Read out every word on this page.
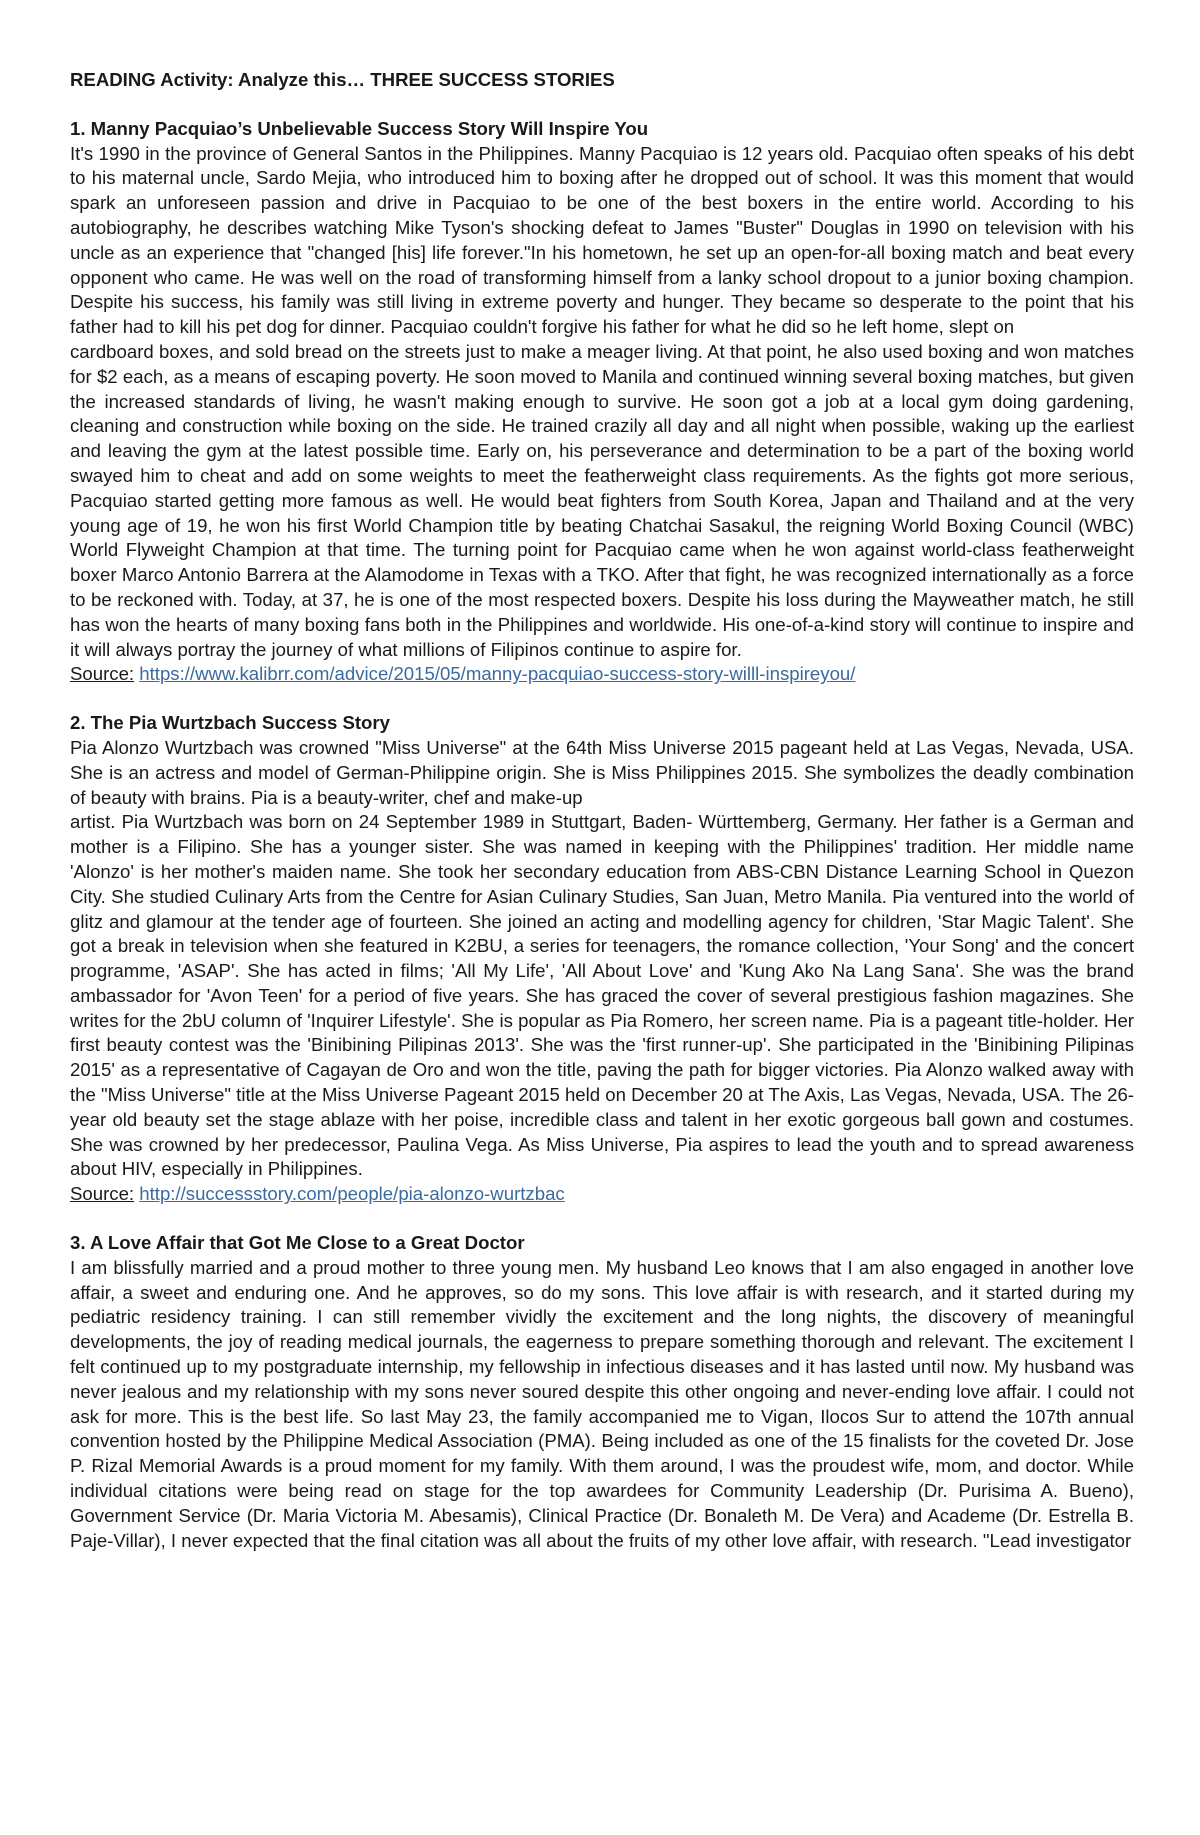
READING Activity: Analyze this… THREE SUCCESS STORIES
1. Manny Pacquiao’s Unbelievable Success Story Will Inspire You

It's 1990 in the province of General Santos in the Philippines. Manny Pacquiao is 12 years old. Pacquiao often speaks of his debt to his maternal uncle, Sardo Mejia, who introduced him to boxing after he dropped out of school. It was this moment that would spark an unforeseen passion and drive in Pacquiao to be one of the best boxers in the entire world. According to his autobiography, he describes watching Mike Tyson's shocking defeat to James "Buster" Douglas in 1990 on television with his uncle as an experience that "changed [his] life forever."In his hometown, he set up an open-for-all boxing match and beat every opponent who came. He was well on the road of transforming himself from a lanky school dropout to a junior boxing champion. Despite his success, his family was still living in extreme poverty and hunger. They became so desperate to the point that his father had to kill his pet dog for dinner. Pacquiao couldn't forgive his father for what he did so he left home, slept on

cardboard boxes, and sold bread on the streets just to make a meager living. At that point, he also used boxing and won matches for $2 each, as a means of escaping poverty. He soon moved to Manila and continued winning several boxing matches, but given the increased standards of living, he wasn't making enough to survive. He soon got a job at a local gym doing gardening, cleaning and construction while boxing on the side. He trained crazily all day and all night when possible, waking up the earliest and leaving the gym at the latest possible time. Early on, his perseverance and determination to be a part of the boxing world swayed him to cheat and add on some weights to meet the featherweight class requirements. As the fights got more serious, Pacquiao started getting more famous as well. He would beat fighters from South Korea, Japan and Thailand and at the very young age of 19, he won his first World Champion title by beating Chatchai Sasakul, the reigning World Boxing Council (WBC) World Flyweight Champion at that time. The turning point for Pacquiao came when he won against world-class featherweight boxer Marco Antonio Barrera at the Alamodome in Texas with a TKO. After that fight, he was recognized internationally as a force to be reckoned with. Today, at 37, he is one of the most respected boxers. Despite his loss during the Mayweather match, he still has won the hearts of many boxing fans both in the Philippines and worldwide. His one-of-a-kind story will continue to inspire and it will always portray the journey of what millions of Filipinos continue to aspire for.

Source: https://www.kalibrr.com/advice/2015/05/manny-pacquiao-success-story-willl-inspireyou/
2. The Pia Wurtzbach Success Story

Pia Alonzo Wurtzbach was crowned "Miss Universe" at the 64th Miss Universe 2015 pageant held at Las Vegas, Nevada, USA. She is an actress and model of German-Philippine origin. She is Miss Philippines 2015. She symbolizes the deadly combination of beauty with brains. Pia is a beauty-writer, chef and make-up

artist. Pia Wurtzbach was born on 24 September 1989 in Stuttgart, Baden- Württemberg, Germany. Her father is a German and mother is a Filipino. She has a younger sister. She was named in keeping with the Philippines' tradition. Her middle name 'Alonzo' is her mother's maiden name. She took her secondary education from ABS-CBN Distance Learning School in Quezon City. She studied Culinary Arts from the Centre for Asian Culinary Studies, San Juan, Metro Manila. Pia ventured into the world of glitz and glamour at the tender age of fourteen. She joined an acting and modelling agency for children, 'Star Magic Talent'. She got a break in television when she featured in K2BU, a series for teenagers, the romance collection, 'Your Song' and the concert programme, 'ASAP'. She has acted in films; 'All My Life', 'All About Love' and 'Kung Ako Na Lang Sana'. She was the brand ambassador for 'Avon Teen' for a period of five years. She has graced the cover of several prestigious fashion magazines. She writes for the 2bU column of 'Inquirer Lifestyle'. She is popular as Pia Romero, her screen name. Pia is a pageant title-holder. Her first beauty contest was the 'Binibining Pilipinas 2013'. She was the 'first runner-up'. She participated in the 'Binibining Pilipinas 2015' as a representative of Cagayan de Oro and won the title, paving the path for bigger victories. Pia Alonzo walked away with the "Miss Universe" title at the Miss Universe Pageant 2015 held on December 20 at The Axis, Las Vegas, Nevada, USA. The 26- year old beauty set the stage ablaze with her poise, incredible class and talent in her exotic gorgeous ball gown and costumes. She was crowned by her predecessor, Paulina Vega. As Miss Universe, Pia aspires to lead the youth and to spread awareness about HIV, especially in Philippines.

Source: http://successstory.com/people/pia-alonzo-wurtzbac
3. A Love Affair that Got Me Close to a Great Doctor

I am blissfully married and a proud mother to three young men. My husband Leo knows that I am also engaged in another love affair, a sweet and enduring one. And he approves, so do my sons. This love affair is with research, and it started during my pediatric residency training. I can still remember vividly the excitement and the long nights, the discovery of meaningful developments, the joy of reading medical journals, the eagerness to prepare something thorough and relevant. The excitement I felt continued up to my postgraduate internship, my fellowship in infectious diseases and it has lasted until now. My husband was never jealous and my relationship with my sons never soured despite this other ongoing and never-ending love affair. I could not ask for more. This is the best life. So last May 23, the family accompanied me to Vigan, Ilocos Sur to attend the 107th annual convention hosted by the Philippine Medical Association (PMA). Being included as one of the 15 finalists for the coveted Dr. Jose P. Rizal Memorial Awards is a proud moment for my family. With them around, I was the proudest wife, mom, and doctor. While individual citations were being read on stage for the top awardees for Community Leadership (Dr. Purisima A. Bueno), Government Service (Dr. Maria Victoria M. Abesamis), Clinical Practice (Dr. Bonaleth M. De Vera) and Academe (Dr. Estrella B. Paje-Villar), I never expected that the final citation was all about the fruits of my other love affair, with research. "Lead investigator
